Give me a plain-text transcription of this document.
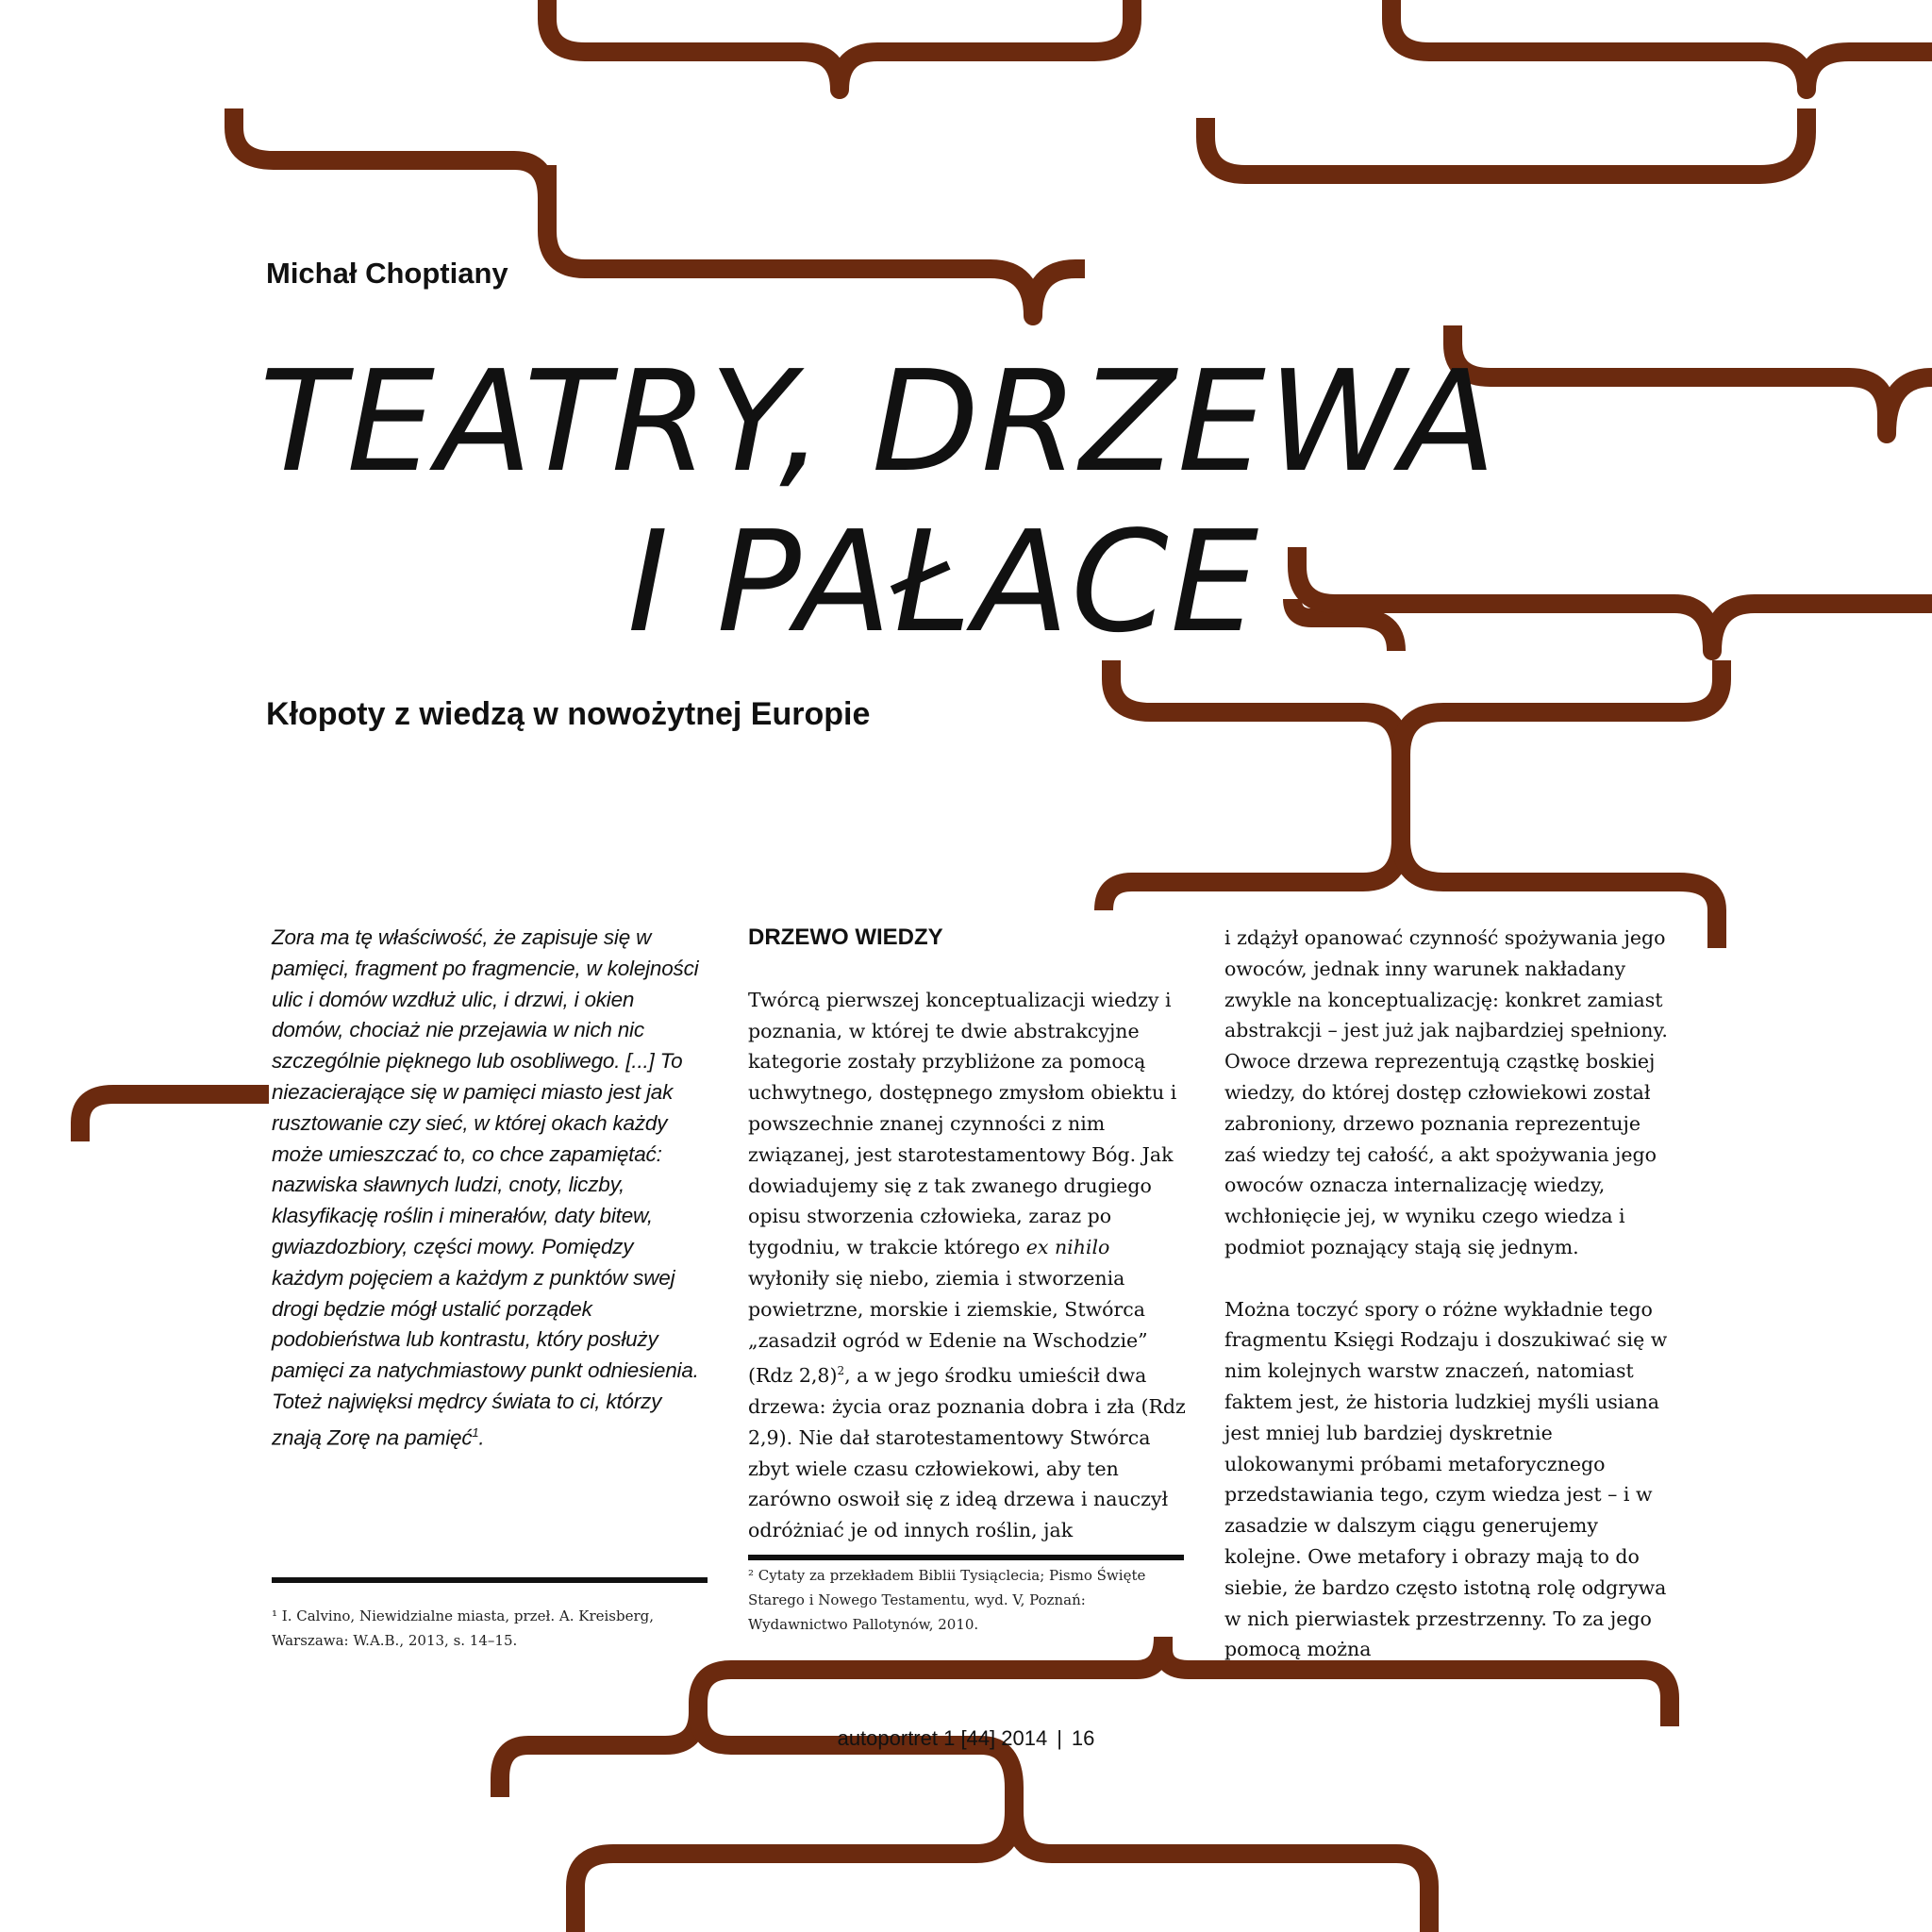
Michał Choptiany

TEATRY, DRZEWA
I PAŁACE
Kłopoty z wiedzą w nowożytnej Europie

Zora ma tę właściwość, że zapisuje się w pamięci, fragment po fragmencie, w kolejności ulic i domów wzdłuż ulic, i drzwi, i okien domów, chociaż nie przejawia w nich nic szczególnie pięknego lub osobliwego. [...] To niezacierające się w pamięci miasto jest jak rusztowanie czy sieć, w której okach każdy może umieszczać to, co chce zapamiętać: nazwiska sławnych ludzi, cnoty, liczby, klasyfikację roślin i minerałów, daty bitew, gwiazdozbiory, części mowy. Pomiędzy każdym pojęciem a każdym z punktów swej drogi będzie mógł ustalić porządek podobieństwa lub kontrastu, który posłuży pamięci za natychmiastowy punkt odniesienia. Toteż najwięksi mędrcy świata to ci, którzy znają Zorę na pamięć$^1$.

DRZEWO WIEDZY

Twórcą pierwszej konceptualizacji wiedzy i poznania, w której te dwie abstrakcyjne kategorie zostały przybliżone za pomocą uchwytnego, dostępnego zmysłom obiektu i powszechnie znanej czynności z nim związanej, jest starotestamentowy Bóg. Jak dowiadujemy się z tak zwanego drugiego opisu stworzenia człowieka, zaraz po tygodniu, w trakcie którego ex nihilo wyłoniły się niebo, ziemia i stworzenia powietrzne, morskie i ziemskie, Stwórca „zasadził ogród w Edenie na Wschodzie” (Rdz 2,8)$^2$, a w jego środku umieścił dwa drzewa: życia oraz poznania dobra i zła (Rdz 2,9). Nie dał starotestamentowy Stwórca zbyt wiele czasu człowiekowi, aby ten zarówno oswoił się z ideą drzewa i nauczył odróżniać je od innych roślin, jak

i zdążył opanować czynność spożywania jego owoców, jednak inny warunek nakładany zwykle na konceptualizację: konkret zamiast abstrakcji – jest już jak najbardziej spełniony. Owoce drzewa reprezentują cząstkę boskiej wiedzy, do której dostęp człowiekowi został zabroniony, drzewo poznania reprezentuje zaś wiedzy tej całość, a akt spożywania jego owoców oznacza internalizację wiedzy, wchłonięcie jej, w wyniku czego wiedza i podmiot poznający stają się jednym.

Można toczyć spory o różne wykładnie tego fragmentu Księgi Rodzaju i doszukiwać się w nim kolejnych warstw znaczeń, natomiast faktem jest, że historia ludzkiej myśli usiana jest mniej lub bardziej dyskretnie ulokowanymi próbami metaforycznego przedstawiania tego, czym wiedza jest – i w zasadzie w dalszym ciągu generujemy kolejne. Owe metafory i obrazy mają to do siebie, że bardzo często istotną rolę odgrywa w nich pierwiastek przestrzenny. To za jego pomocą można

¹ I. Calvino, Niewidzialne miasta, przeł. A. Kreisberg, Warszawa: W.A.B., 2013, s. 14–15.

² Cytaty za przekładem Biblii Tysiąclecia; Pismo Święte Starego i Nowego Testamentu, wyd. V, Poznań: Wydawnictwo Pallotynów, 2010.

autoportret 1 [44] 2014 | 16
